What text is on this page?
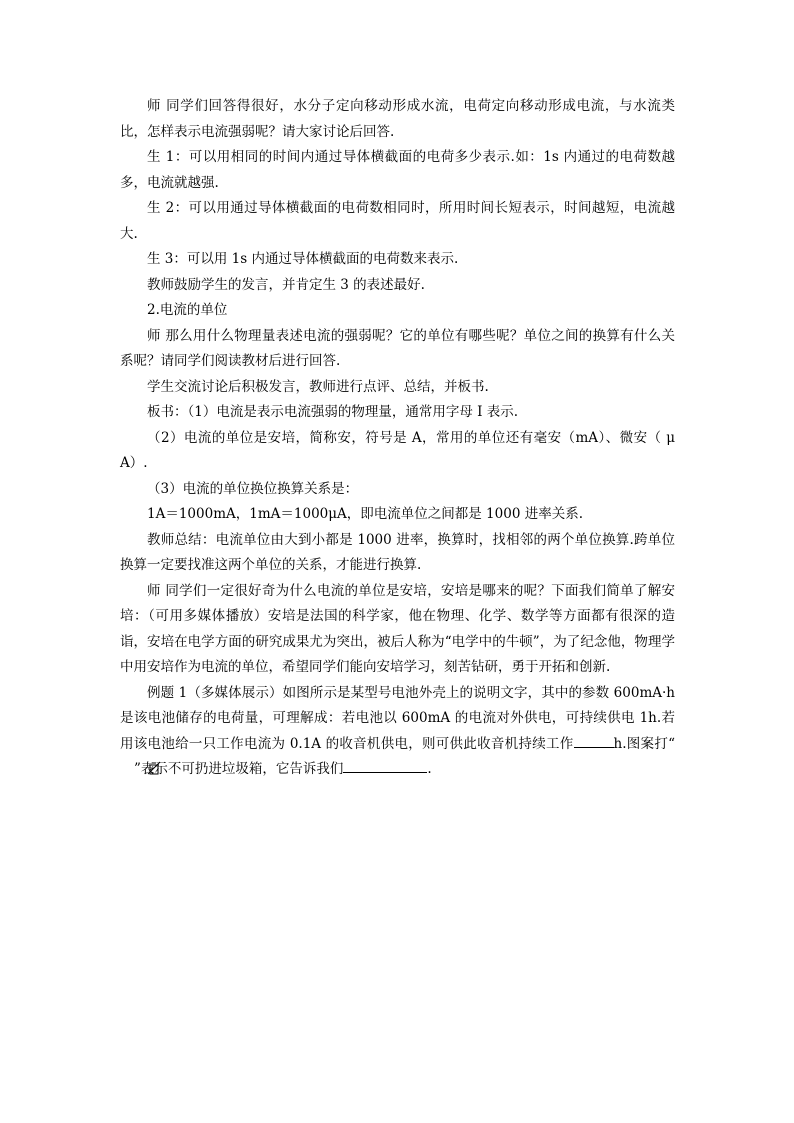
师 同学们回答得很好，水分子定向移动形成水流，电荷定向移动形成电流，与水流类比，怎样表示电流强弱呢？请大家讨论后回答.

生 1：可以用相同的时间内通过导体横截面的电荷多少表示.如：1s 内通过的电荷数越多，电流就越强.

生 2：可以用通过导体横截面的电荷数相同时，所用时间长短表示，时间越短，电流越大.

生 3：可以用 1s 内通过导体横截面的电荷数来表示.

教师鼓励学生的发言，并肯定生 3 的表述最好.

2.电流的单位

师 那么用什么物理量表述电流的强弱呢？它的单位有哪些呢？单位之间的换算有什么关系呢？请同学们阅读教材后进行回答.

学生交流讨论后积极发言，教师进行点评、总结，并板书.

板书：（1）电流是表示电流强弱的物理量，通常用字母 I 表示.

（2）电流的单位是安培，简称安，符号是 A，常用的单位还有毫安（mA）、微安（ μA）.

（3）电流的单位换位换算关系是：

1A＝1000mA，1mA＝1000μA，即电流单位之间都是 1000 进率关系.

教师总结：电流单位由大到小都是 1000 进率，换算时，找相邻的两个单位换算.跨单位换算一定要找准这两个单位的关系，才能进行换算.

师 同学们一定很好奇为什么电流的单位是安培，安培是哪来的呢？下面我们简单了解安培：（可用多媒体播放）安培是法国的科学家，他在物理、化学、数学等方面都有很深的造诣，安培在电学方面的研究成果尤为突出，被后人称为“电学中的牛顿”，为了纪念他，物理学中用安培作为电流的单位，希望同学们能向安培学习，刻苦钻研，勇于开拓和创新.

例题 1（多媒体展示）如图所示是某型号电池外壳上的说明文字，其中的参数 600mA·h 是该电池储存的电荷量，可理解成：若电池以 600mA 的电流对外供电，可持续供电 1h.若用该电池给一只工作电流为 0.1A 的收音机供电，则可供此收音机持续工作	h.图案打“”表示不可扔进垃圾箱，它告诉我们	.
